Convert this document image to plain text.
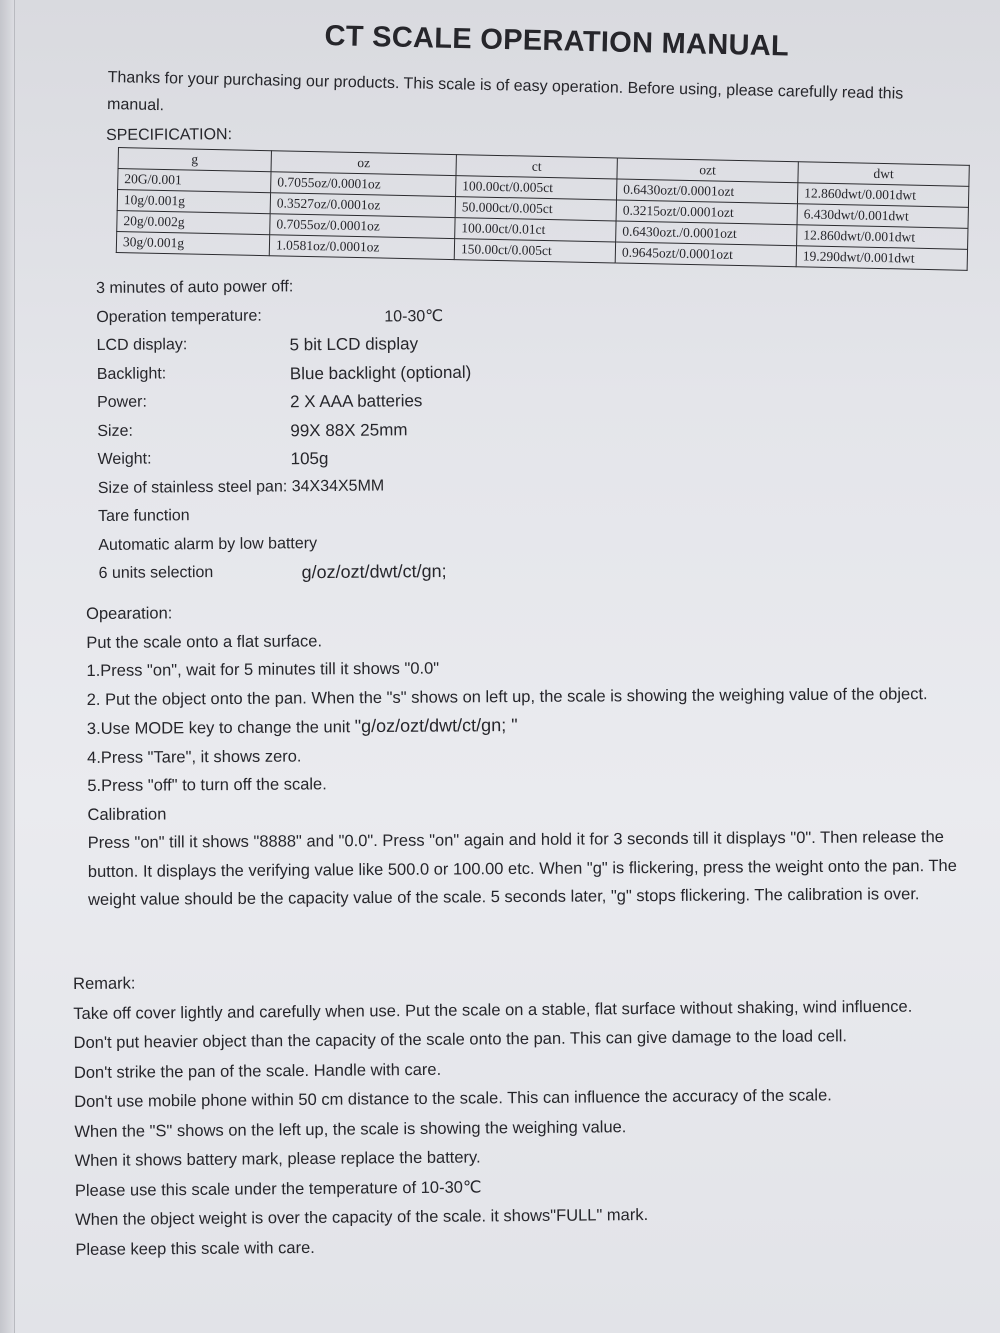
CT SCALE OPERATION MANUAL
Thanks for your purchasing our products. This scale is of easy operation. Before using, please carefully read this manual.
SPECIFICATION:
g	oz	ct	ozt	dwt
20G/0.001	0.7055oz/0.0001oz	100.00ct/0.005ct	0.6430ozt/0.0001ozt	12.860dwt/0.001dwt
10g/0.001g	0.3527oz/0.0001oz	50.000ct/0.005ct	0.3215ozt/0.0001ozt	6.430dwt/0.001dwt
20g/0.002g	0.7055oz/0.0001oz	100.00ct/0.01ct	0.6430ozt./0.0001ozt	12.860dwt/0.001dwt
30g/0.001g	1.0581oz/0.0001oz	150.00ct/0.005ct	0.9645ozt/0.0001ozt	19.290dwt/0.001dwt
3 minutes of auto power off:
Operation temperature:	10-30℃
LCD display:	5 bit LCD display
Backlight:	Blue backlight (optional)
Power:	2 X AAA batteries
Size:	99X 88X 25mm
Weight:	105g
Size of stainless steel pan: 34X34X5MM
Tare function
Automatic alarm by low battery
6 units selection	g/oz/ozt/dwt/ct/gn;

Opearation:

Put the scale onto a flat surface.

1.Press "on", wait for 5 minutes till it shows "0.0"

2. Put the object onto the pan. When the "s" shows on left up, the scale is showing the weighing value of the object.

3.Use MODE key to change the unit "g/oz/ozt/dwt/ct/gn; "

4.Press "Tare", it shows zero.

5.Press "off" to turn off the scale.

Calibration

Press "on" till it shows "8888" and "0.0". Press "on" again and hold it for 3 seconds till it displays "0". Then release the button. It displays the verifying value like 500.0 or 100.00 etc. When "g" is flickering, press the weight onto the pan. The weight value should be the capacity value of the scale. 5 seconds later, "g" stops flickering. The calibration is over.

Remark:

Take off cover lightly and carefully when use. Put the scale on a stable, flat surface without shaking, wind influence.

Don't put heavier object than the capacity of the scale onto the pan. This can give damage to the load cell.

Don't strike the pan of the scale. Handle with care.

Don't use mobile phone within 50 cm distance to the scale. This can influence the accuracy of the scale.

When the "S" shows on the left up, the scale is showing the weighing value.

When it shows battery mark, please replace the battery.

Please use this scale under the temperature of 10-30℃

When the object weight is over the capacity of the scale. it shows"FULL" mark.

Please keep this scale with care.
